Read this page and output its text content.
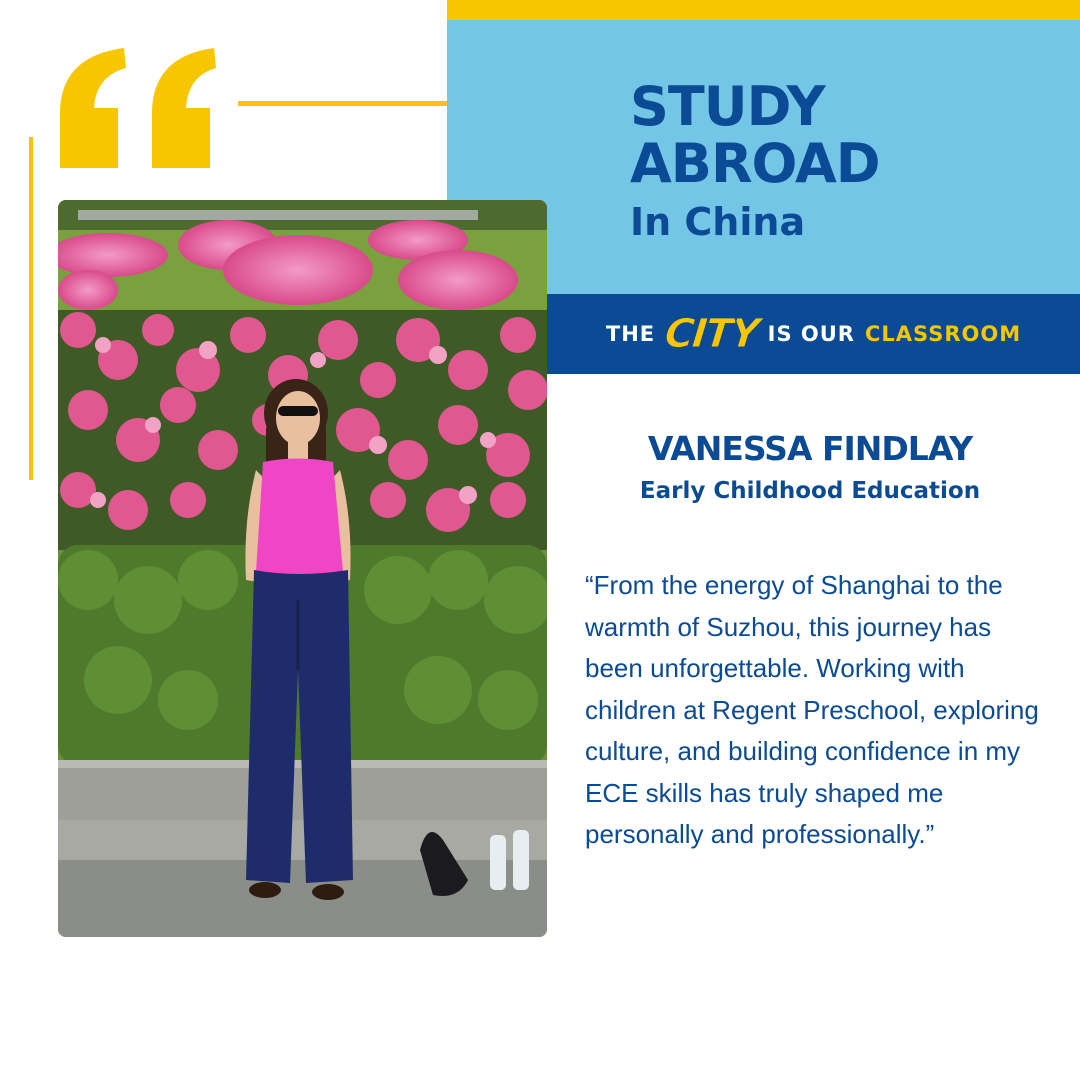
STUDY
ABROAD

In China

THE CITY IS OUR CLASSROOM
VANESSA FINDLAY

Early Childhood Education

“From the energy of Shanghai to the warmth of Suzhou, this journey has been unforgettable. Working with children at Regent Preschool, exploring culture, and building confidence in my ECE skills has truly shaped me personally and professionally.”
